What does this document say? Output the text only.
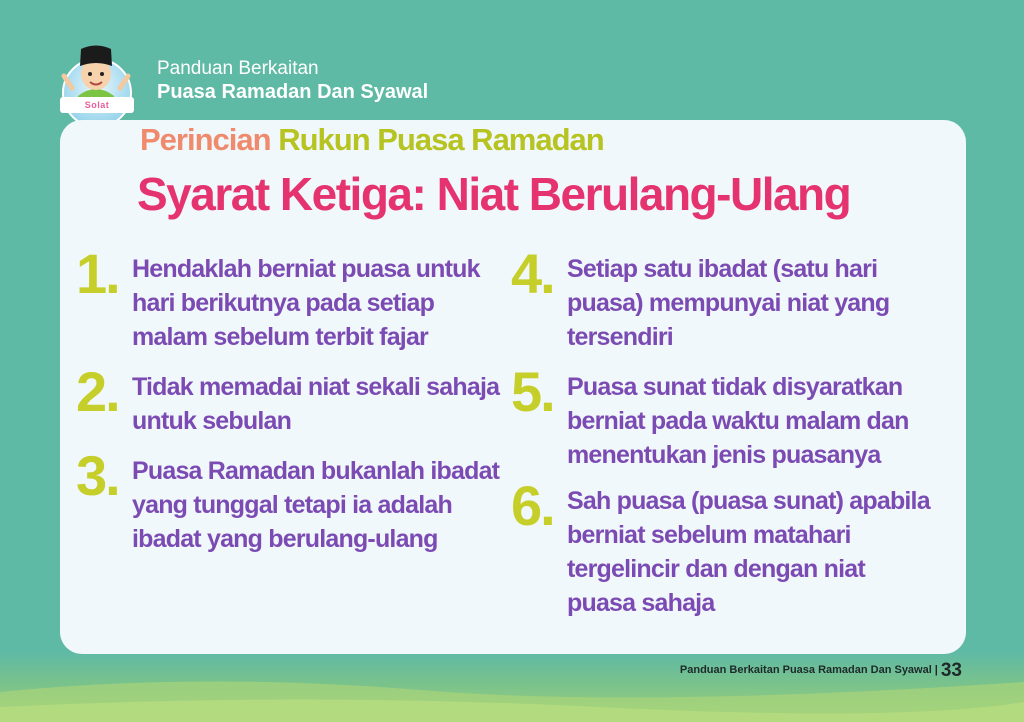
Solat
Panduan Berkaitan
Puasa Ramadan Dan Syawal
Perincian Rukun Puasa Ramadan
Syarat Ketiga: Niat Berulang-Ulang
1. Hendaklah berniat puasa untuk hari berikutnya pada setiap malam sebelum terbit fajar
2. Tidak memadai niat sekali sahaja untuk sebulan
3. Puasa Ramadan bukanlah ibadat yang tunggal tetapi ia adalah ibadat yang berulang-ulang
4. Setiap satu ibadat (satu hari puasa) mempunyai niat yang tersendiri
5. Puasa sunat tidak disyaratkan berniat pada waktu malam dan menentukan jenis puasanya
6. Sah puasa (puasa sunat) apabila berniat sebelum matahari tergelincir dan dengan niat puasa sahaja
Panduan Berkaitan Puasa Ramadan Dan Syawal | 33
